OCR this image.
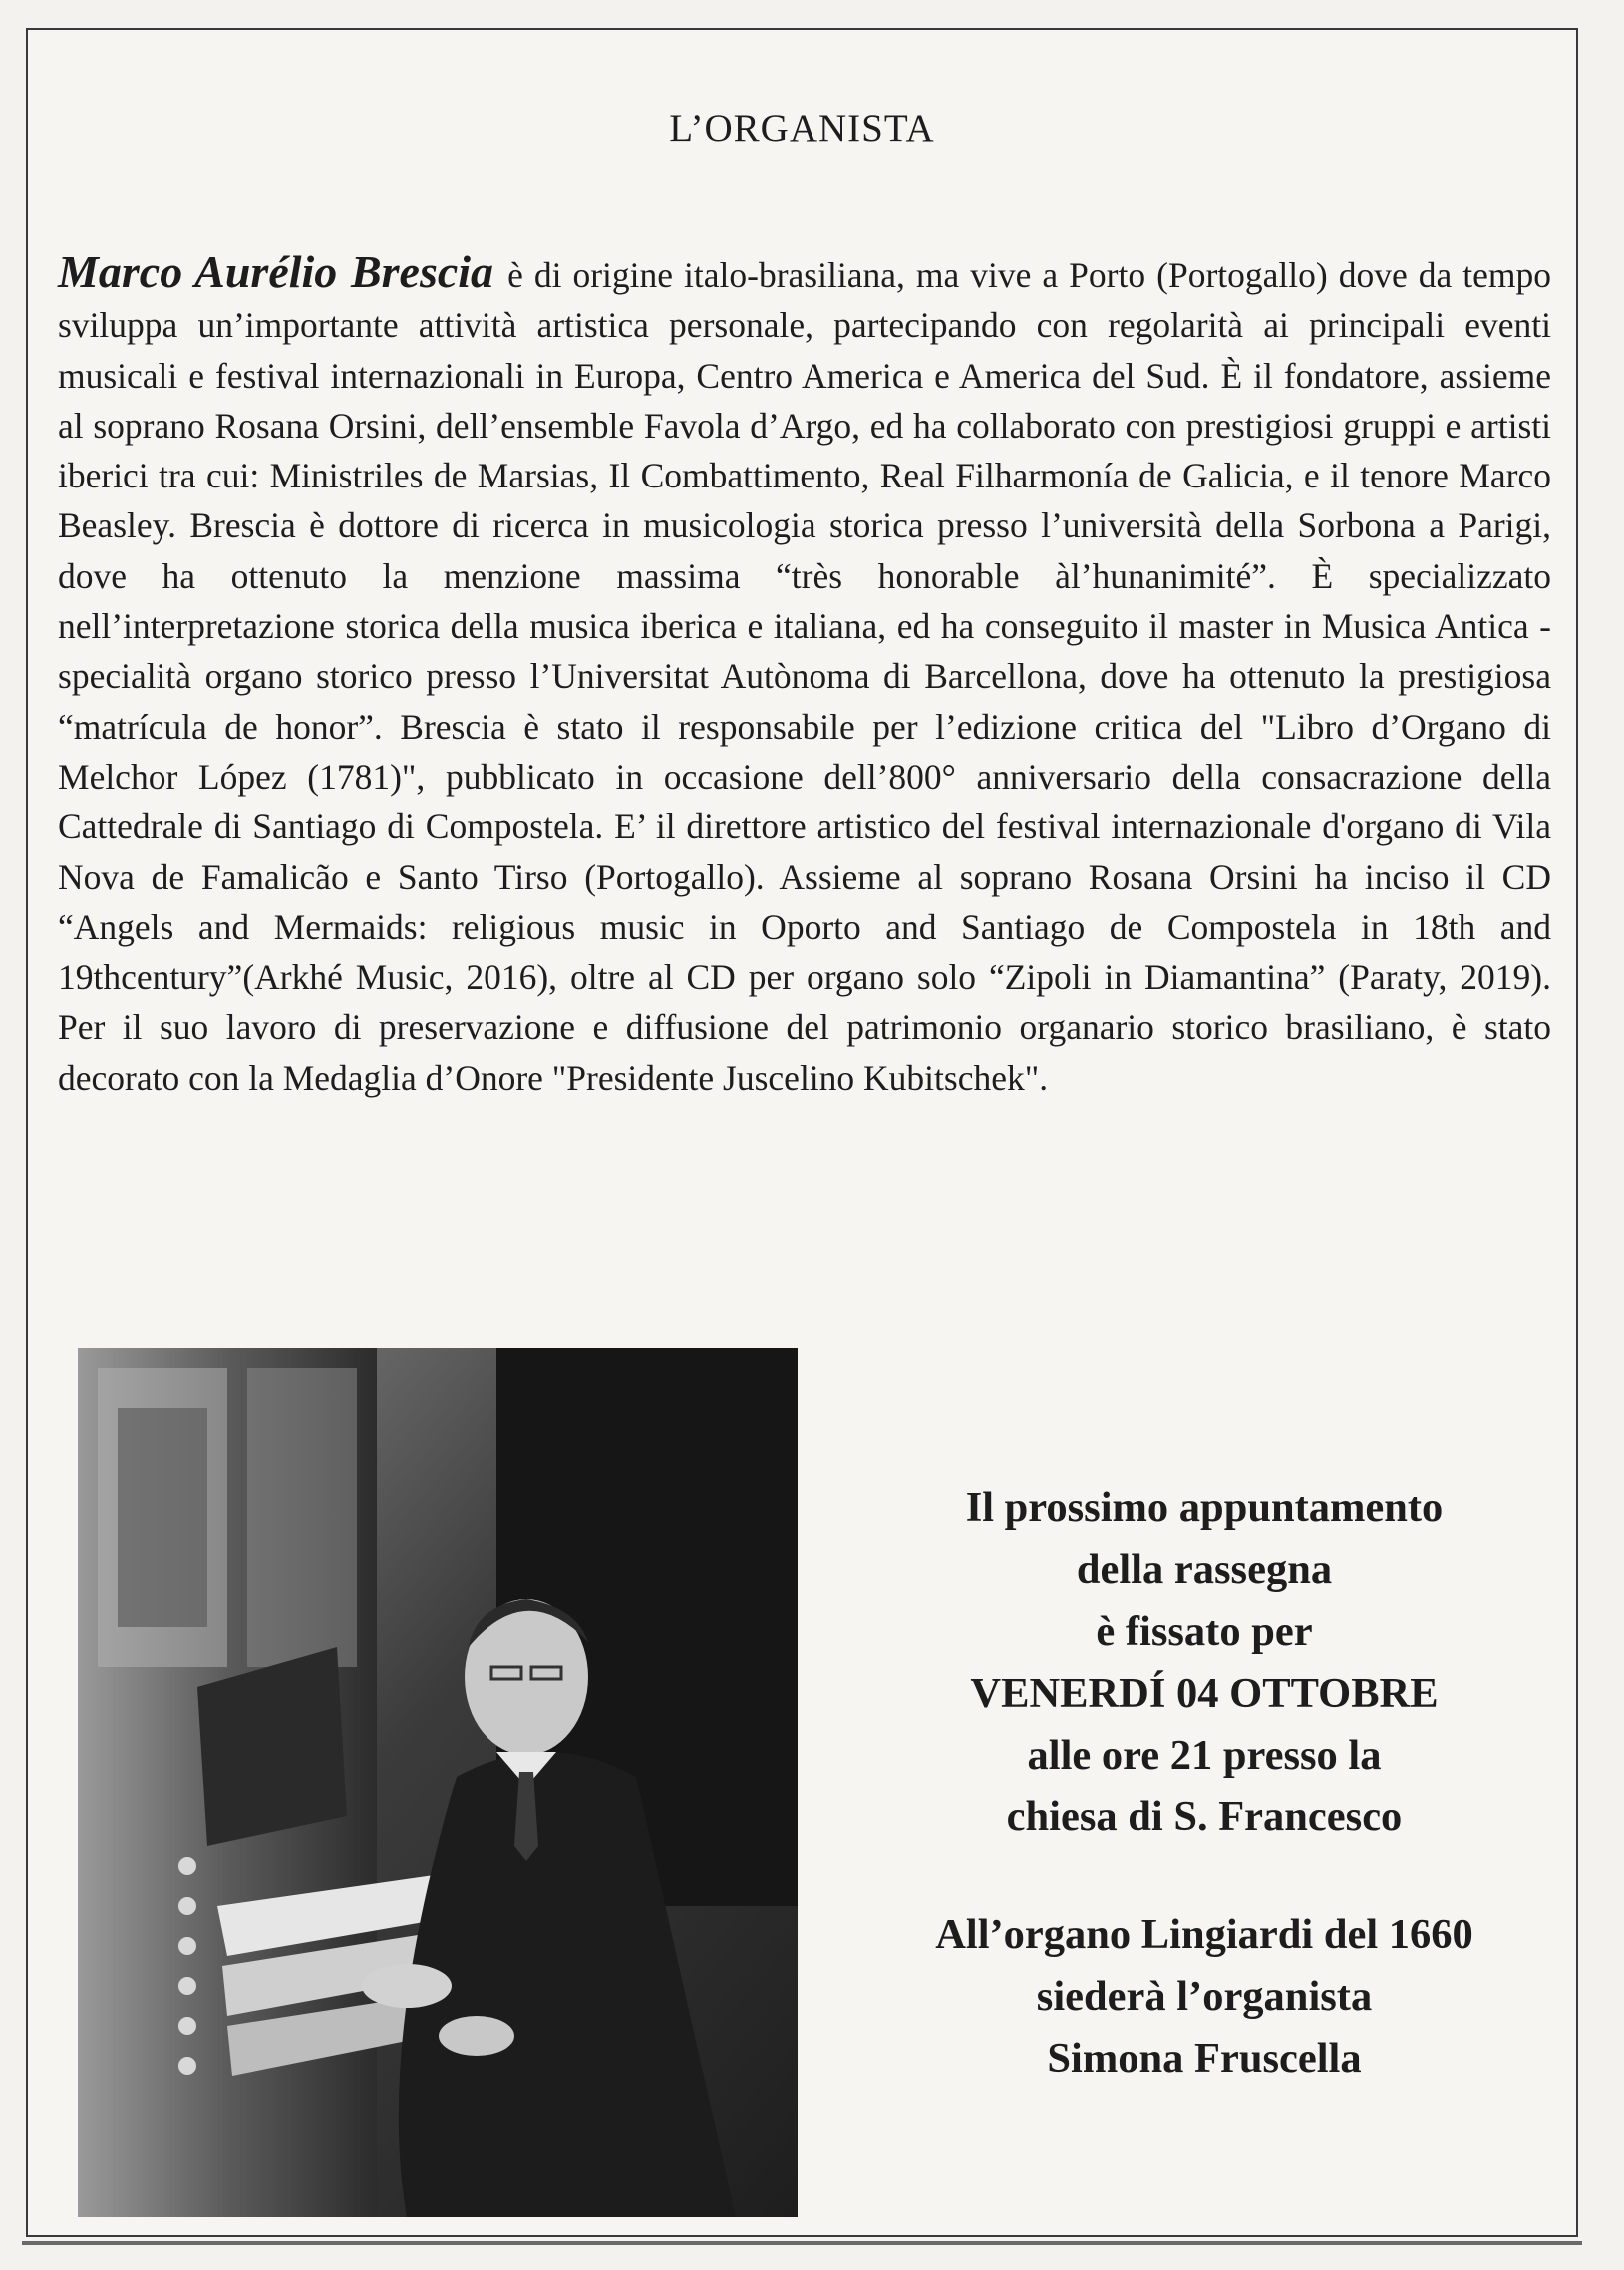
L’ORGANISTA

Marco Aurélio Brescia è di origine italo-brasiliana, ma vive a Porto (Portogallo) dove da tempo sviluppa un’importante attività artistica personale, partecipando con regolarità ai principali eventi musicali e festival internazionali in Europa, Centro America e America del Sud. È il fondatore, assieme al soprano Rosana Orsini, dell’ensemble Favola d’Argo, ed ha collaborato con prestigiosi gruppi e artisti iberici tra cui: Ministriles de Marsias, Il Combattimento, Real Filharmonía de Galicia, e il tenore Marco Beasley. Brescia è dottore di ricerca in musicologia storica presso l’università della Sorbona a Parigi, dove ha ottenuto la menzione massima “très honorable àl’hunanimité”. È specializzato nell’interpretazione storica della musica iberica e italiana, ed ha conseguito il master in Musica Antica - specialità organo storico presso l’Universitat Autònoma di Barcellona, dove ha ottenuto la prestigiosa “matrícula de honor”. Brescia è stato il responsabile per l’edizione critica del "Libro d’Organo di Melchor López (1781)", pubblicato in occasione dell’800° anniversario della consacrazione della Cattedrale di Santiago di Compostela. E’ il direttore artistico del festival internazionale d'organo di Vila Nova de Famalicão e Santo Tirso (Portogallo). Assieme al soprano Rosana Orsini ha inciso il CD “Angels and Mermaids: religious music in Oporto and Santiago de Compostela in 18th and 19thcentury”(Arkhé Music, 2016), oltre al CD per organo solo “Zipoli in Diamantina” (Paraty, 2019). Per il suo lavoro di preservazione e diffusione del patrimonio organario storico brasiliano, è stato decorato con la Medaglia d’Onore "Presidente Juscelino Kubitschek".

Il prossimo appuntamento

della rassegna

è fissato per

VENERDÍ 04 OTTOBRE

alle ore 21 presso la

chiesa di S. Francesco

All’organo Lingiardi del 1660

siederà l’organista

Simona Fruscella
